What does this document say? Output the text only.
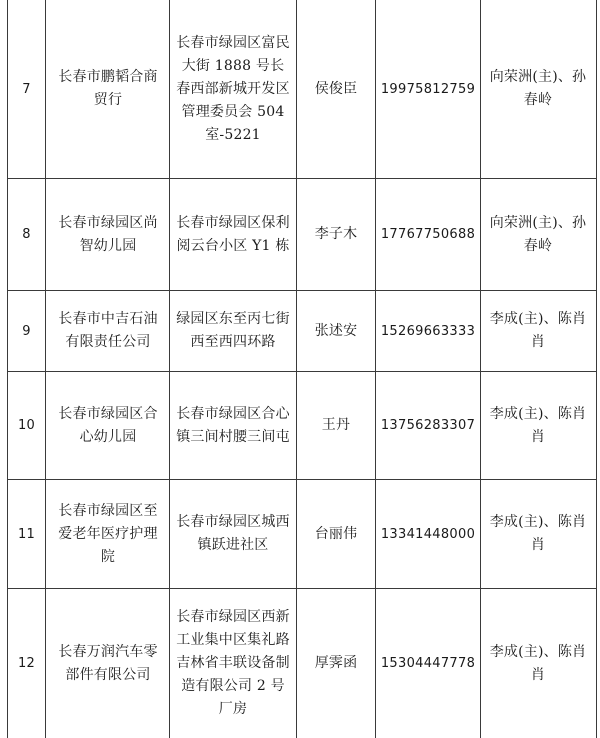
7
长春市鹏韬合商贸行
长春市绿园区富民大街 1888 号长春西部新城开发区管理委员会 504 室-5221
侯俊臣 19975812759
向荣洲(主)、孙春岭
8
长春市绿园区尚智幼儿园
长春市绿园区保利阅云台小区 Y1 栋
李子木 17767750688
向荣洲(主)、孙春岭
9
长春市中吉石油有限责任公司
绿园区东至丙七街西至西四环路
张述安 15269663333
李成(主)、陈肖肖
10
长春市绿园区合心幼儿园
长春市绿园区合心镇三间村腰三间屯
王丹 13756283307
李成(主)、陈肖肖
11
长春市绿园区至爱老年医疗护理院
长春市绿园区城西镇跃进社区
台丽伟 13341448000
李成(主)、陈肖肖
12
长春万润汽车零部件有限公司
长春市绿园区西新工业集中区集礼路吉林省丰联设备制造有限公司 2 号厂房
厚霁函 15304447778
李成(主)、陈肖肖
